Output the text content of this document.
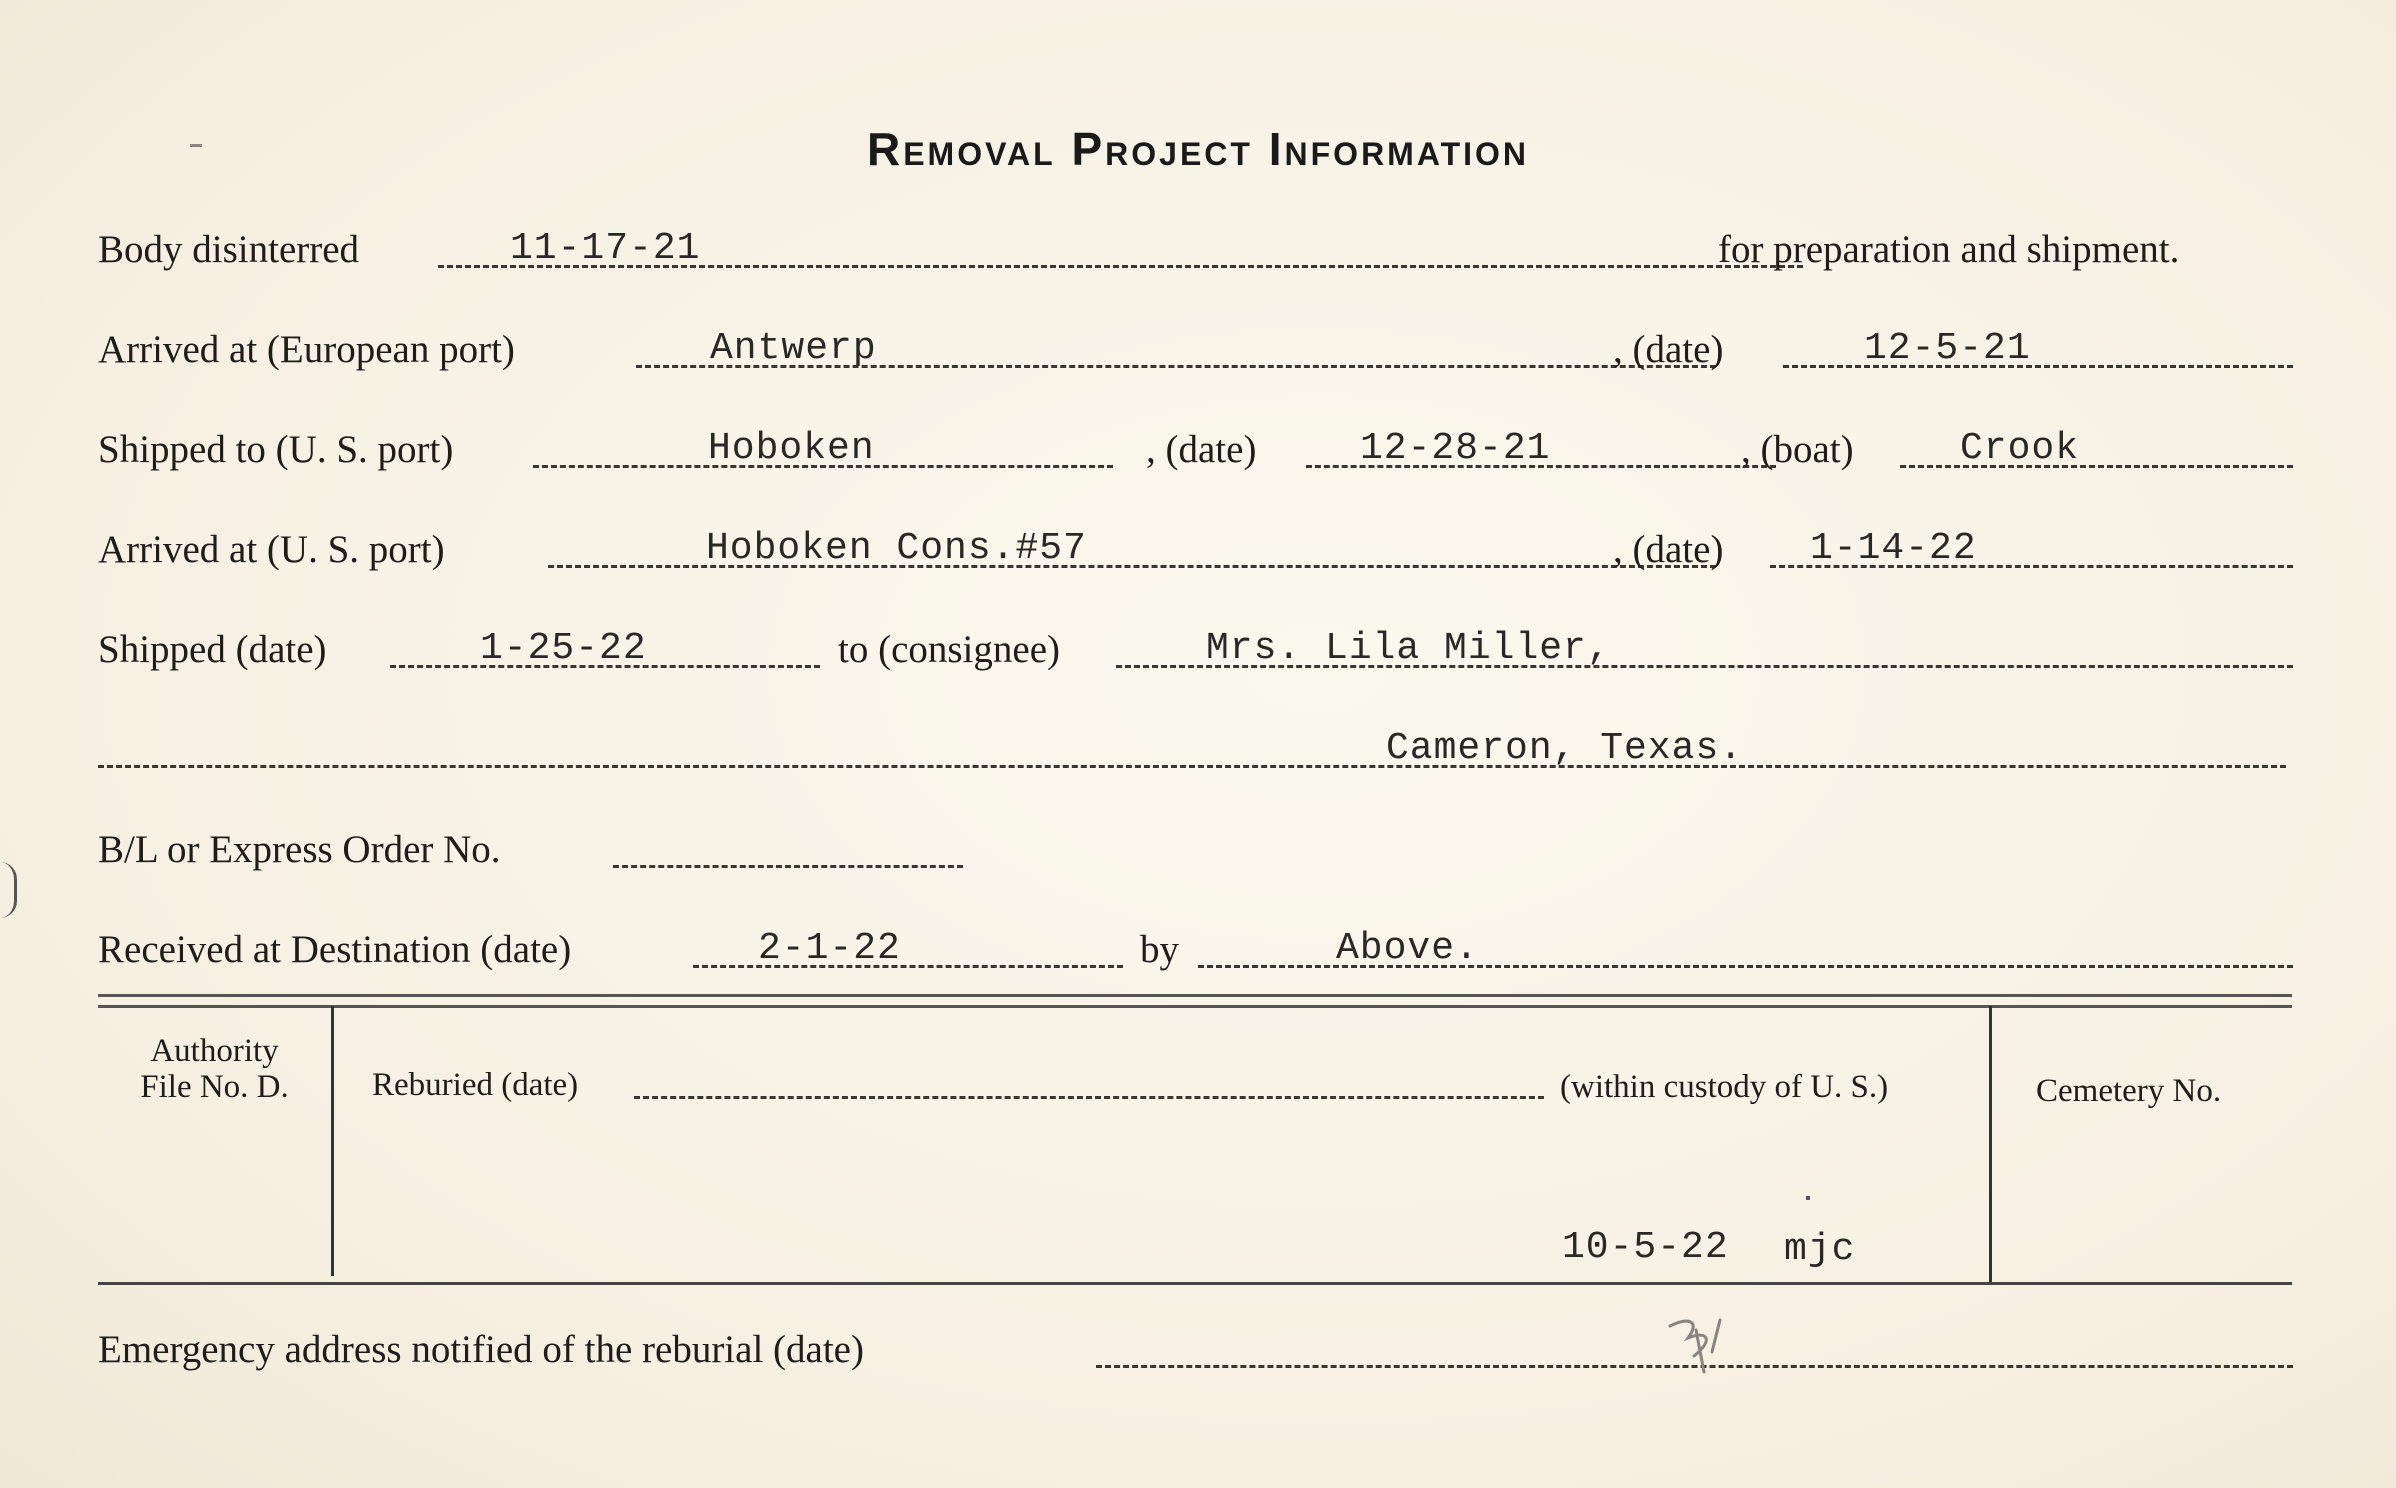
Removal Project Information
Body disinterred	11-17-21	for preparation and shipment.
Arrived at (European port)	Antwerp	, (date)	12-5-21
Shipped to (U. S. port)	Hoboken	, (date)	12-28-21	, (boat)	Crook
Arrived at (U. S. port)	Hoboken Cons.#57	, (date) 1-14-22
Shipped (date)	1-25-22	to (consignee)	Mrs. Lila Miller,
Cameron, Texas.
B/L or Express Order No.
Received at Destination (date)	2-1-22	by	Above.
Authority
File No. D.	Reburied (date)	(within custody of U. S.)	Cemetery No.
10-5-22 mjc
Emergency address notified of the reburial (date)
